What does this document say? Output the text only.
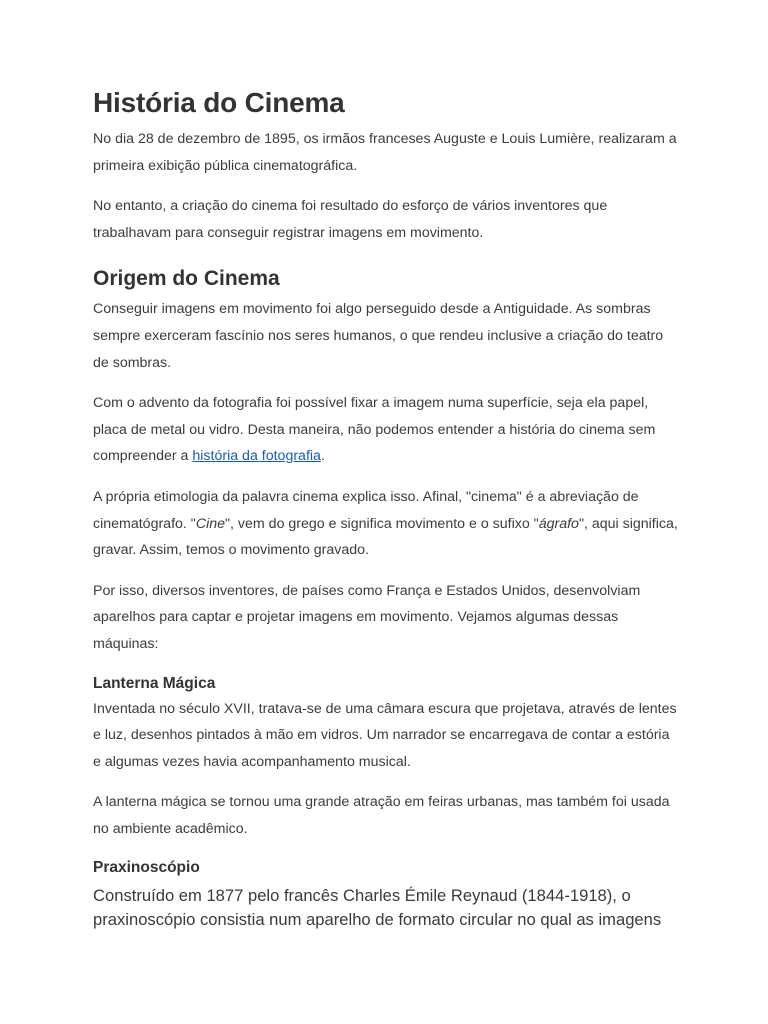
História do Cinema

No dia 28 de dezembro de 1895, os irmãos franceses Auguste e Louis Lumière, realizaram a primeira exibição pública cinematográfica.

No entanto, a criação do cinema foi resultado do esforço de vários inventores que trabalhavam para conseguir registrar imagens em movimento.

Origem do Cinema

Conseguir imagens em movimento foi algo perseguido desde a Antiguidade. As sombras sempre exerceram fascínio nos seres humanos, o que rendeu inclusive a criação do teatro de sombras.

Com o advento da fotografia foi possível fixar a imagem numa superfície, seja ela papel, placa de metal ou vidro. Desta maneira, não podemos entender a história do cinema sem compreender a história da fotografia.

A própria etimologia da palavra cinema explica isso. Afinal, "cinema" é a abreviação de cinematógrafo. "Cine", vem do grego e significa movimento e o sufixo "ágrafo", aqui significa, gravar. Assim, temos o movimento gravado.

Por isso, diversos inventores, de países como França e Estados Unidos, desenvolviam aparelhos para captar e projetar imagens em movimento. Vejamos algumas dessas máquinas:

Lanterna Mágica

Inventada no século XVII, tratava-se de uma câmara escura que projetava, através de lentes e luz, desenhos pintados à mão em vidros. Um narrador se encarregava de contar a estória e algumas vezes havia acompanhamento musical.

A lanterna mágica se tornou uma grande atração em feiras urbanas, mas também foi usada no ambiente acadêmico.

Praxinoscópio

Construído em 1877 pelo francês Charles Émile Reynaud (1844-1918), o praxinoscópio consistia num aparelho de formato circular no qual as imagens
